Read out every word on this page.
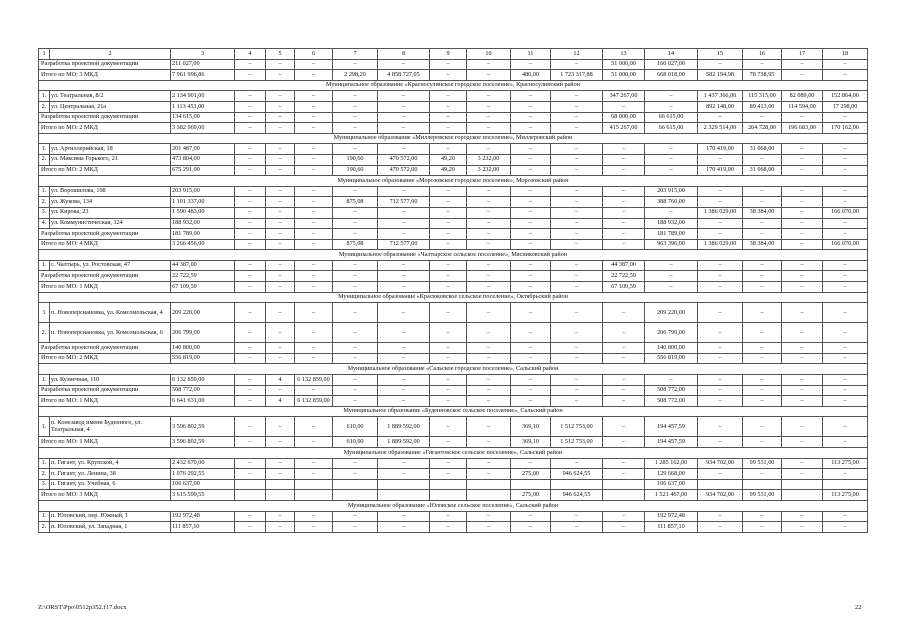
1	2	3	4	5	6	7	8	9	10	11	12	13	14	15	16	17	18
Разработка проектной документации		211 027,00	–	–	–	–	–	–	–	–	–	51 000,00	160 027,00	–	–	–	–
Итого по МО: 3 МКД		7 961 996,86	–	–	–	2 298,20	4 858 727,05	–	–	480,00	1 723 317,88	51 000,00	668 018,00	582 194,98	78 738,95	–	–
Муниципальное образование «Красносулинское городское поселение», Красносулинский район																	
1.	ул. Театральная, 8/2	2 134 901,00	–	–	–	–	–	–	–	–	–	347 267,00	–	1 437 366,00	115 315,00	82 089,00	152 864,00
2.	ул. Центральная, 21а	1 113 453,00	–	–	–	–	–	–	–	–	–	–	–	892 148,00	89 413,00	114 594,00	17 298,00
Разработка проектной документации		134 615,00	–	–	–	–	–	–	–	–	–	68 000,00	66 615,00	–	–	–	–
Итого по МО: 2 МКД		3 382 969,00	–	–	–	–	–	–	–	–	–	415 267,00	66 615,00	2 329 514,00	204 728,00	196 683,00	170 162,00
Муниципальное образование «Миллеровское городское поселение», Миллеровский район																	
1.	ул. Артиллерийская, 18	201 487,00	–	–	–	–	–	–	–	–	–	–	–	170 419,00	31 068,00	–	–
2.	ул. Максима Горького, 21	473 804,00	–	–	–	190,60	470 572,00	49,20	3 232,00	–	–	–	–	–	–	–	–
Итого по МО: 2 МКД		675 291,00	–	–	–	190,60	470 572,00	49,20	3 232,00	–	–	–	–	170 419,00	31 068,00	–	–
Муниципальное образование «Морозовское городское поселение», Морозовский район																	
1.	ул. Ворошилова, 198	203 915,00	–	–	–	–	–	–	–	–	–	–	203 915,00	–	–	–	–
2.	ул. Жукова, 134	1 101 337,00	–	–	–	875,08	712 577,00	–	–	–	–	–	388 760,00	–	–	–	–
3.	ул. Кирова, 23	1 590 483,00	–	–	–	–	–	–	–	–	–	–	–	1 386 029,00	38 384,00	–	166 070,00
4.	ул. Коммунистическая, 124	188 932,00	–	–	–	–	–	–	–	–	–	–	188 932,00	–	–	–	–
Разработка проектной документации		181 789,00	–	–	–	–	–	–	–	–	–	–	181 789,00	–	–	–	–
Итого по МО: 4 МКД		3 266 456,00	–	–	–	875,08	712 577,00	–	–	–	–	–	963 396,00	1 386 029,00	38 384,00	–	166 070,00
Муниципальное образование «Чалтырское сельское поселение», Мясниковский район																	
1.	с. Чалтырь, ул. Ростовская, 47	44 387,00	–	–	–	–	–	–	–	–	–	44 387,00	–	–	–	–	–
Разработка проектной документации		22 722,59	–	–	–	–	–	–	–	–	–	22 722,59	–	–	–	–	–
Итого по МО: 1 МКД		67 109,59	–	–	–	–	–	–	–	–	–	67 109,59	–	–	–	–	–
Муниципальное образование «Красюковское сельское поселение», Октябрьский район																	
1	п. Новоперсиановка, ул. Комсомольская, 4	209 220,00	–	–	–	–	–	–	–	–	–	–	209 220,00	–	–	–	–
2.	п. Новоперсиановка, ул. Комсомольская, 6	206 799,00	–	–	–	–	–	–	–	–	–	–	206 799,00	–	–	–	–
Разработка проектной документации		140 800,00	–	–	–	–	–	–	–	–	–	–	140 800,00	–	–	–	–
Итого по МО: 2 МКД		556 819,00	–	–	–	–	–	–	–	–	–	–	556 819,00	–	–	–	–
Муниципальное образование «Сальское городское поселение», Сальский район																	
1.	ул. Кузнечная, 110	6 132 859,00	–	4	6 132 859,00	–	–	–	–	–	–	–	–	–	–	–	–
Разработка проектной документации		508 772,00	–	–	–	–	–	–	–	–	–	–	508 772,00	–	–	–	–
Итого по МО: 1 МКД		6 641 631,00	–	4	6 132 859,00	–	–	–	–	–	–	–	508 772,00	–	–	–	–
Муниципальное образование «Буденновское сельское поселение», Сальский район																	
1.	п. Конезавод имени Буденного, ул. Театральная, 4	3 596 802,59	–	–	–	610,00	1 889 592,00	–	–	369,10	1 512 753,00	–	194 457,59	–	–	–	–
Итого по МО: 1 МКД		3 596 802,59	–	–	–	610,00	1 889 592,00	–	–	369,10	1 512 753,00	–	194 457,59	–	–	–	–
Муниципальное образование «Гигантовское сельское поселение», Сальский район																	
1.	п. Гигант, ул. Крупской, 4	2 432 670,00	–	–	–	–	–	–	–	–	–	–	1 285 162,00	934 702,00	99 531,00	–	113 275,00
2.	п. Гигант, ул. Ленина, 38	1 076 292,55	–	–	–	–	–	–	–	275,00	946 624,55	–	129 668,00	–	–	–	–
3.	п. Гигант, ул. Учебная, 6	106 637,00											106 637,00				
Итого по МО: 3 МКД		3 615 599,55								275,00	946 624,55		1 521 467,00	934 702,00	99 531,00		113 275,00
Муниципальное образование «Юловское сельское поселение», Сальский район																	
1.	п. Юловский, пер. Южный, 1	192 972,48	–	–	–	–	–	–	–	–	–	–	192 972,48	–	–	–	–
2.	п. Юловский, ул. Западная, 1	111 857,10	–	–	–	–	–	–	–	–	–	–	111 857,10	–	–	–	–
Z:\ORST\Ppo\0512p352.f17.docx	22
